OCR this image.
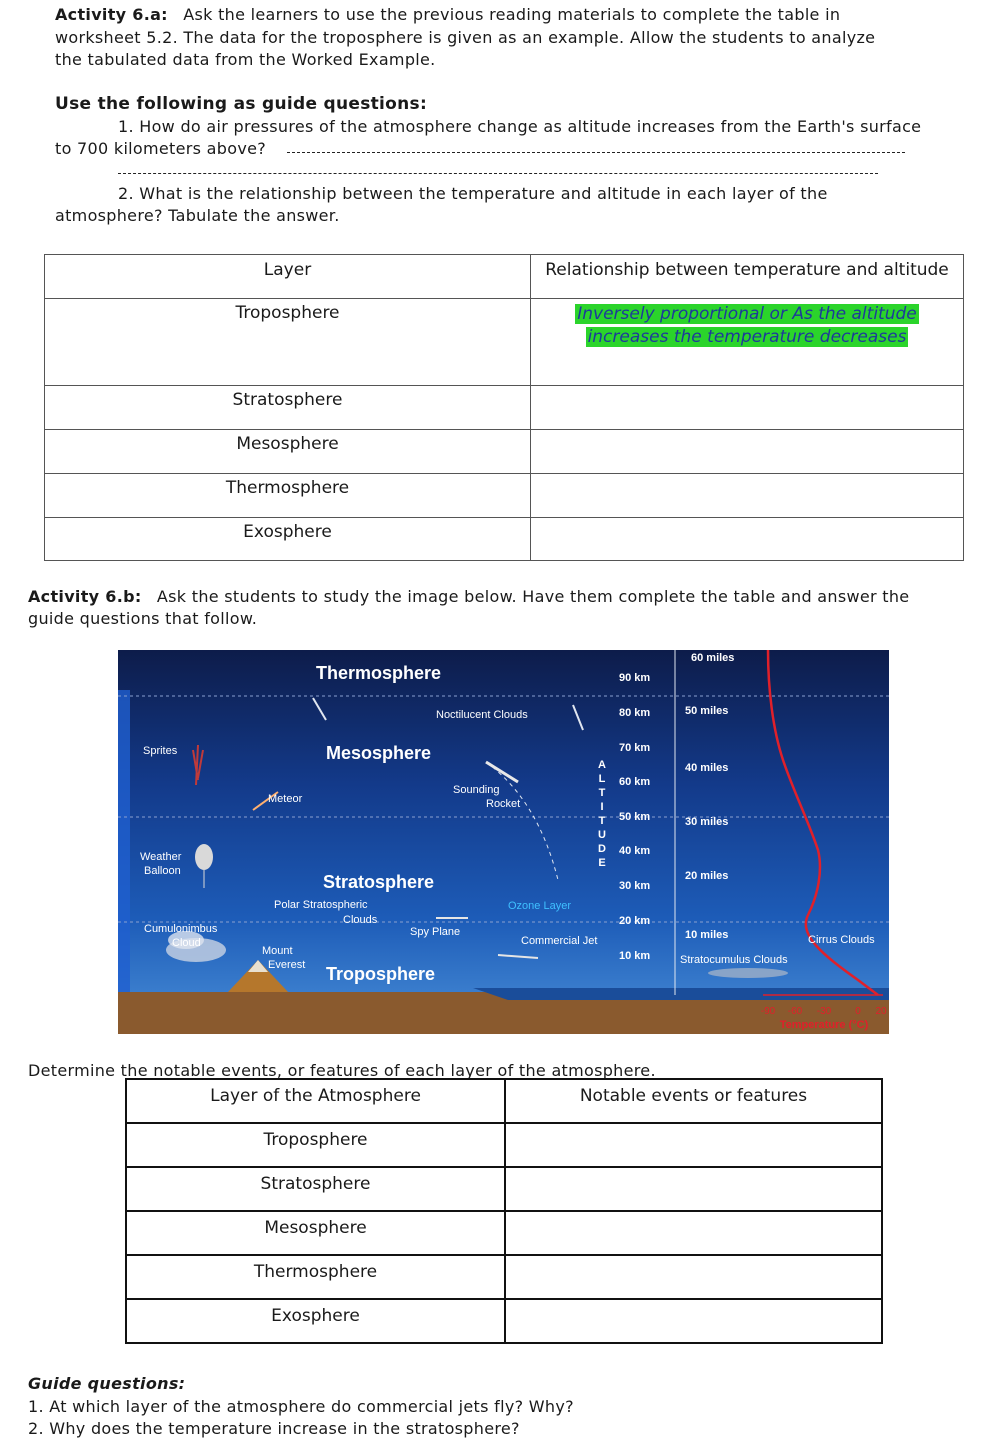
Activity 6.a: Ask the learners to use the previous reading materials to complete the table in
worksheet 5.2. The data for the troposphere is given as an example. Allow the students to analyze
the tabulated data from the Worked Example.
Use the following as guide questions:
1. How do air pressures of the atmosphere change as altitude increases from the Earth's surface
to 700 kilometers above?
2. What is the relationship between the temperature and altitude in each layer of the
atmosphere? Tabulate the answer.
Layer	Relationship between temperature and altitude
Troposphere	Inversely proportional or As the altitude
increases the temperature decreases
Stratosphere	
Mesosphere	
Thermosphere	
Exosphere	
Activity 6.b: Ask the students to study the image below. Have them complete the table and answer the
guide questions that follow.
Thermosphere
Mesosphere
Stratosphere
Troposphere
Noctilucent Clouds
Sprites
Meteor
Sounding
Rocket
Weather
Balloon
Polar Stratospheric
Clouds
Spy Plane
Cumulonimbus
Cloud
Mount
Everest
Commercial Jet	Cirrus Clouds
Stratocumulus Clouds
Ozone Layer
A
L
T
I
T
U
D
E
90 km
80 km
70 km
60 km
50 km
40 km
30 km
20 km
10 km
60 miles
50 miles
40 miles
30 miles
20 miles
10 miles
-90 -60 -30 0 20
Temperature (°C)
Determine the notable events, or features of each layer of the atmosphere.
Layer of the Atmosphere	Notable events or features
Troposphere	
Stratosphere	
Mesosphere	
Thermosphere	
Exosphere	
Guide questions:
1. At which layer of the atmosphere do commercial jets fly? Why?
2. Why does the temperature increase in the stratosphere?
